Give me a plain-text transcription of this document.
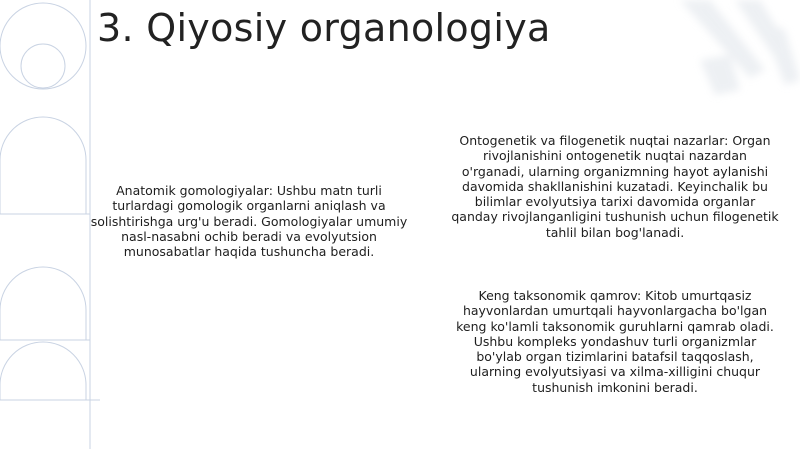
3. Qiyosiy organologiya
Anatomik gomologiyalar: Ushbu matn turli turlardagi gomologik organlarni aniqlash va solishtirishga urg'u beradi. Gomologiyalar umumiy nasl-nasabni ochib beradi va evolyutsion munosabatlar haqida tushuncha beradi.
Ontogenetik va filogenetik nuqtai nazarlar: Organ rivojlanishini ontogenetik nuqtai nazardan o'rganadi, ularning organizmning hayot aylanishi davomida shakllanishini kuzatadi. Keyinchalik bu bilimlar evolyutsiya tarixi davomida organlar qanday rivojlanganligini tushunish uchun filogenetik tahlil bilan bog'lanadi.
Keng taksonomik qamrov: Kitob umurtqasiz hayvonlardan umurtqali hayvonlargacha bo'lgan keng ko'lamli taksonomik guruhlarni qamrab oladi. Ushbu kompleks yondashuv turli organizmlar bo'ylab organ tizimlarini batafsil taqqoslash, ularning evolyutsiyasi va xilma-xilligini chuqur tushunish imkonini beradi.
